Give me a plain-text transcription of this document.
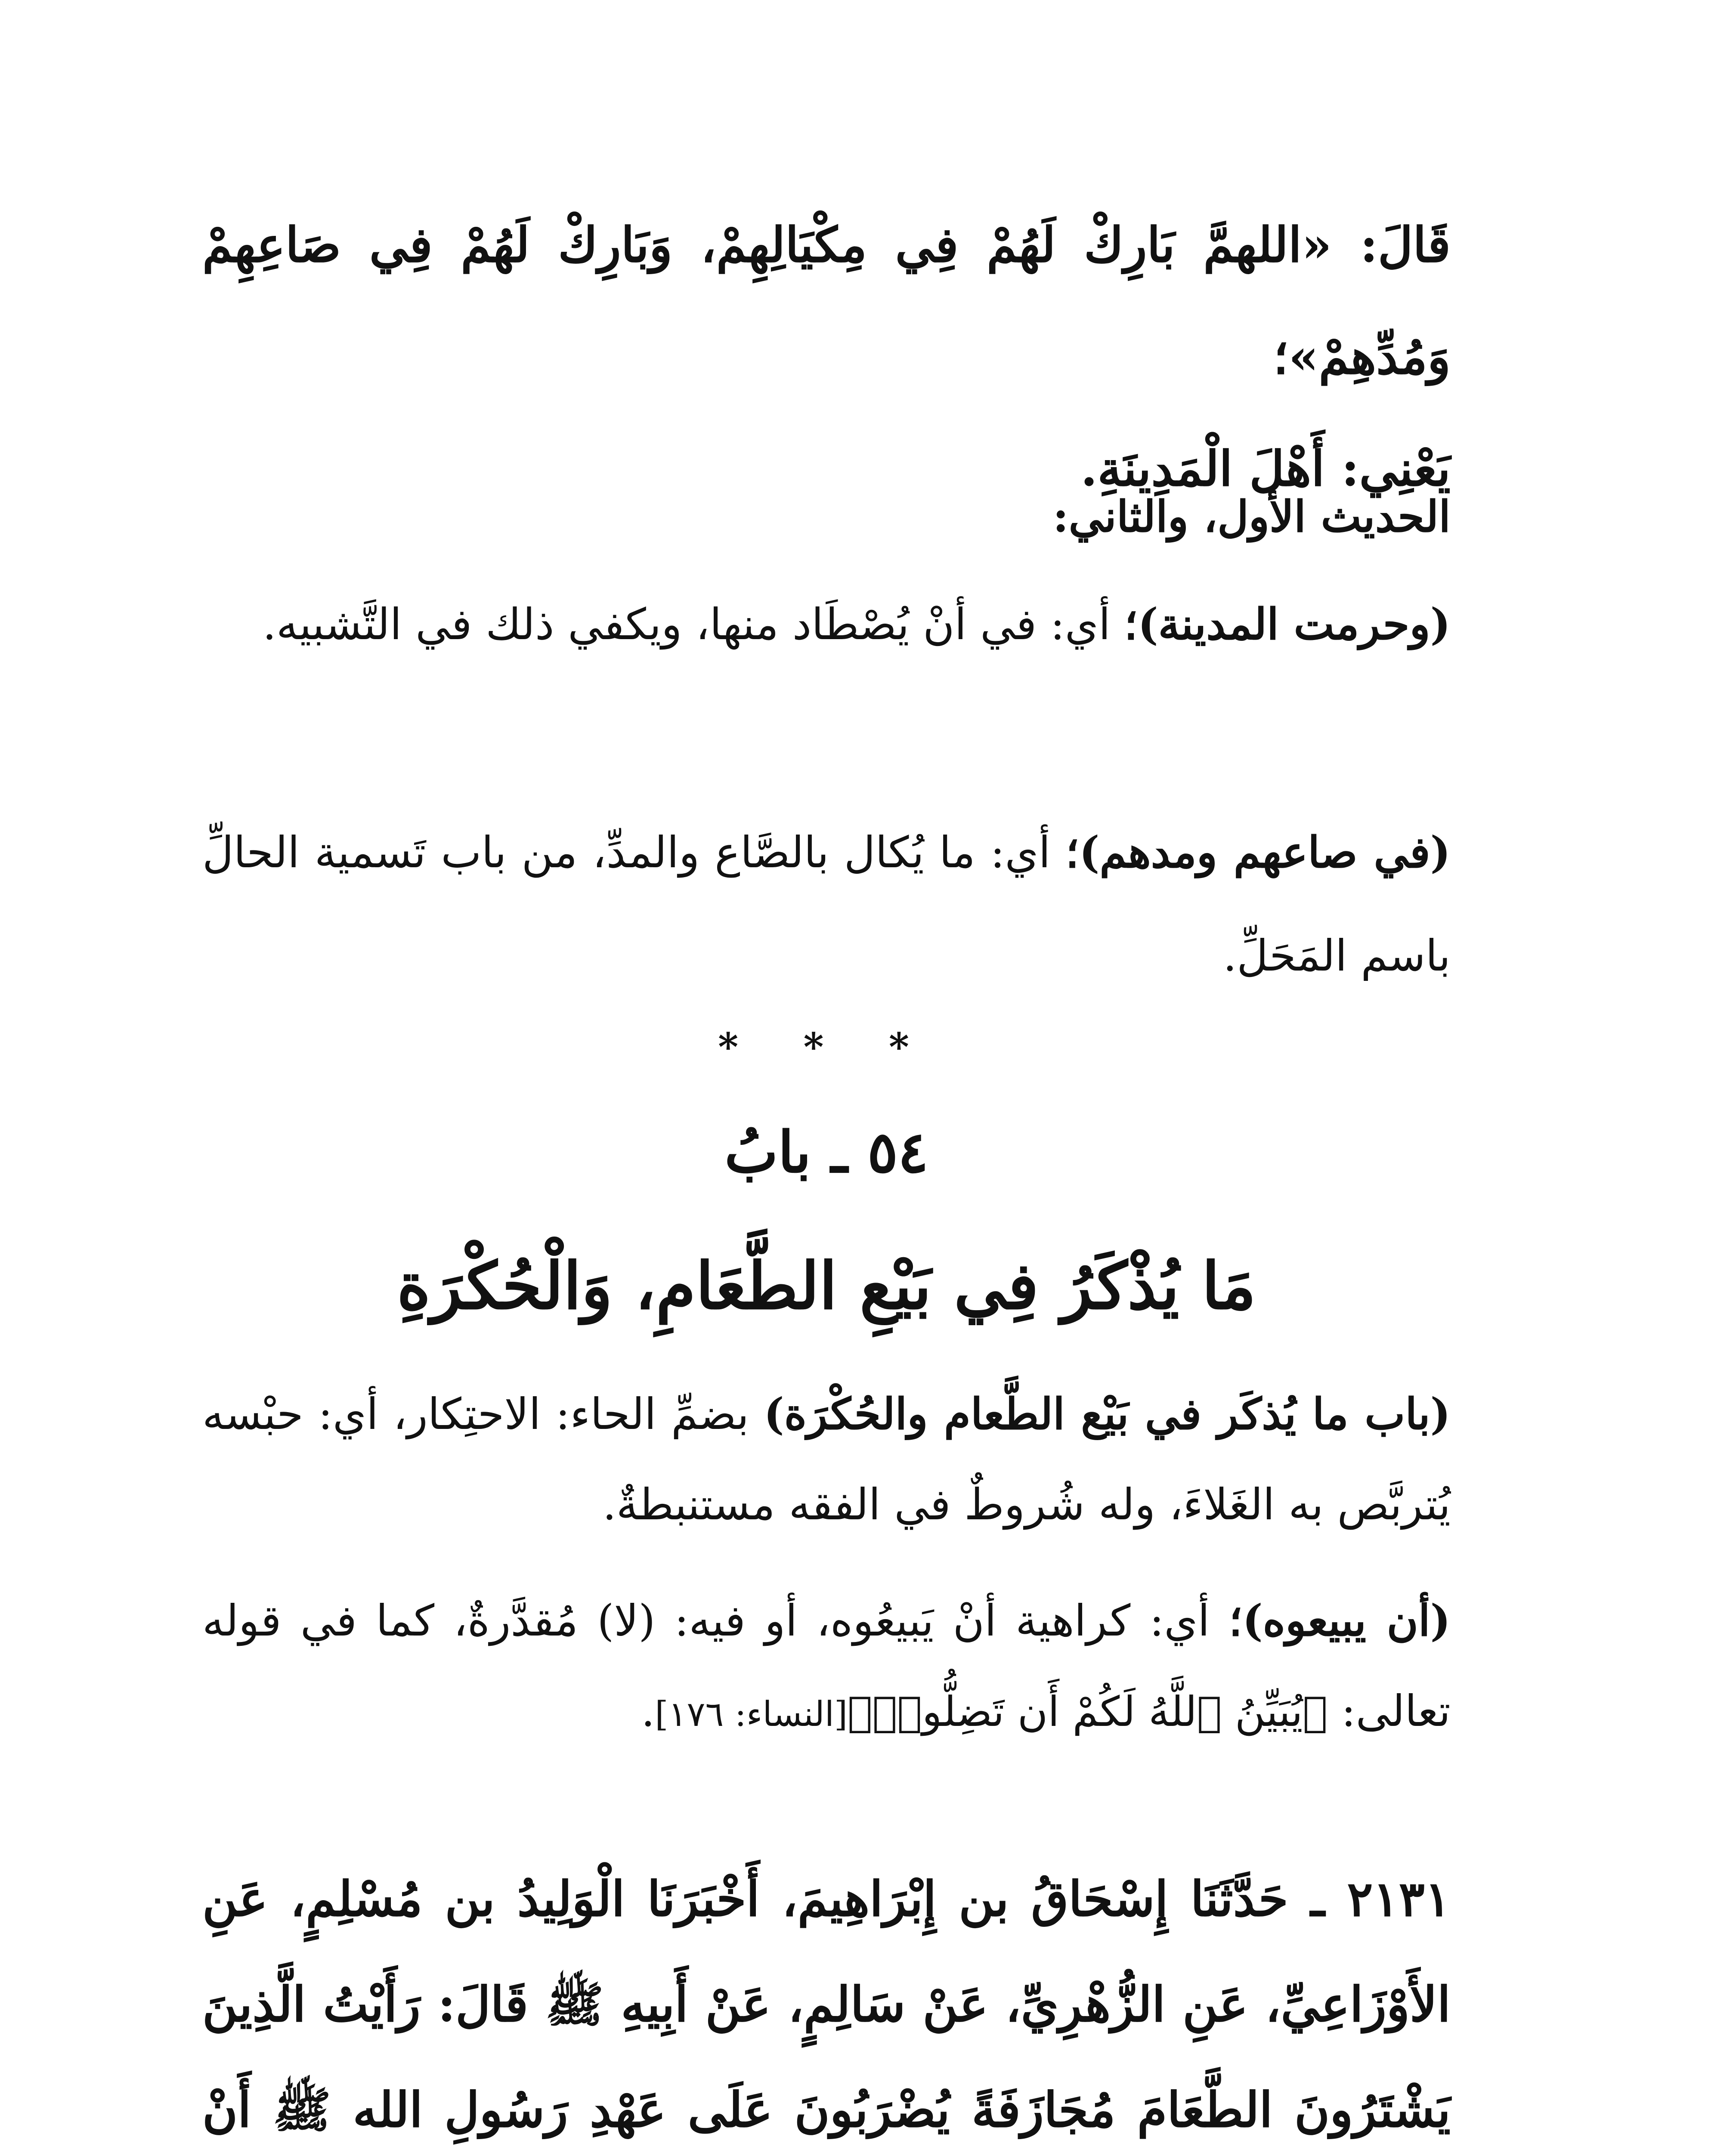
قَالَ: «اللهمَّ بَارِكْ لَهُمْ فِي مِكْيَالِهِمْ، وَبَارِكْ لَهُمْ فِي صَاعِهِمْ وَمُدِّهِمْ»؛
يَعْنِي: أَهْلَ الْمَدِينَةِ.
الحديث الأول، والثاني:
(وحرمت المدينة)؛ أي: في أنْ يُصْطَاد منها، ويكفي ذلك في التَّشبيه.
(في صاعهم ومدهم)؛ أي: ما يُكال بالصَّاع والمدِّ، من باب تَسمية الحالِّ باسم المَحَلِّ.
* * *
٥٤ ـ بابُ
مَا يُذْكَرُ فِي بَيْعِ الطَّعَامِ، وَالْحُكْرَةِ
(باب ما يُذكَر في بَيْع الطَّعام والحُكْرَة) بضمِّ الحاء: الاحتِكار، أي: حبْسه يُتربَّص به الغَلاءَ، وله شُروطٌ في الفقه مستنبطةٌ.
(أن يبيعوه)؛ أي: كراهية أنْ يَبيعُوه، أو فيه: (لا) مُقدَّرةٌ، كما في قوله تعالى: ﴿يُبَيِّنُ ٱللَّهُ لَكُمْ أَن تَضِلُّوا۟﴾[النساء: ١٧٦].
٢١٣١ ـ حَدَّثَنَا إِسْحَاقُ بن إِبْرَاهِيمَ، أَخْبَرَنَا الْوَلِيدُ بن مُسْلِمٍ، عَنِ الأَوْزَاعِيِّ، عَنِ الزُّهْرِيِّ، عَنْ سَالِمٍ، عَنْ أَبِيهِ ﷺ قَالَ: رَأَيْتُ الَّذِينَ يَشْتَرُونَ الطَّعَامَ مُجَازَفَةً يُضْرَبُونَ عَلَى عَهْدِ رَسُولِ الله ﷺ أَنْ
